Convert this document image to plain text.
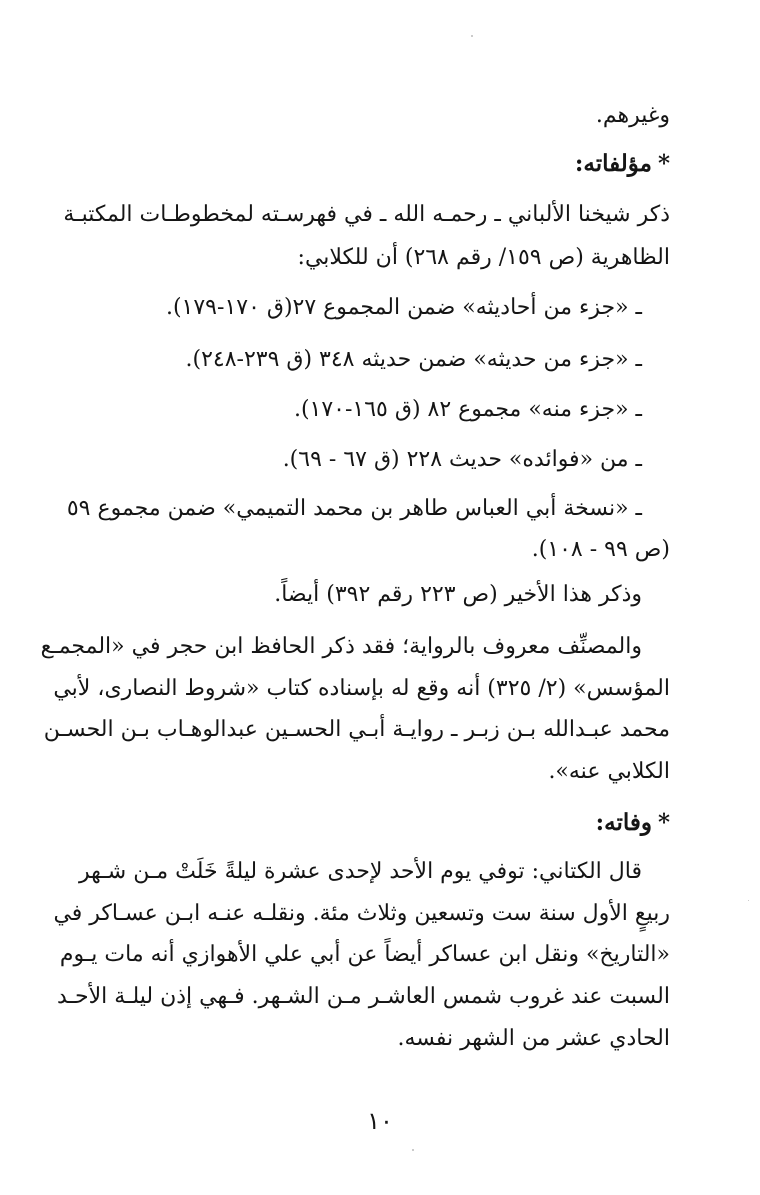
وغيرهم.
*مؤلفاته:
ذكر شيخنا الألباني ـ رحمـه الله ـ في فهرسـته لمخطوطـات المكتبـة
الظاهرية (ص ١٥٩/ رقم ٢٦٨) أن للكلابي:
ـ «جزء من أحاديثه» ضمن المجموع ٢٧(ق ١٧٠-١٧٩).
ـ «جزء من حديثه» ضمن حديثه ٣٤٨ (ق ٢٣٩-٢٤٨).
ـ «جزء منه» مجموع ٨٢ (ق ١٦٥-١٧٠).
ـ من «فوائده» حديث ٢٢٨ (ق ٦٧ - ٦٩).
ـ «نسخة أبي العباس طاهر بن محمد التميمي» ضمن مجموع ٥٩
(ص ٩٩ - ١٠٨).
وذكر هذا الأخير (ص ٢٢٣ رقم ٣٩٢) أيضاً.
والمصنِّف معروف بالرواية؛ فقد ذكر الحافظ ابن حجر في «المجمـع
المؤسس» (٢/ ٣٢٥) أنه وقع له بإسناده كتاب «شروط النصارى، لأبي
محمد عبـدالله بـن زبـر ـ روايـة أبـي الحسـين عبدالوهـاب بـن الحسـن
الكلابي عنه».
*وفاته:
قال الكتاني: توفي يوم الأحد لإحدى عشرة ليلةً خَلَتْ مـن شـهر
ربيعٍ الأول سنة ست وتسعين وثلاث مئة. ونقلـه عنـه ابـن عسـاكر في
«التاريخ» ونقل ابن عساكر أيضاً عن أبي علي الأهوازي أنه مات يـوم
السبت عند غروب شمس العاشـر مـن الشـهر. فـهي إذن ليلـة الأحـد
الحادي عشر من الشهر نفسه.
١٠
